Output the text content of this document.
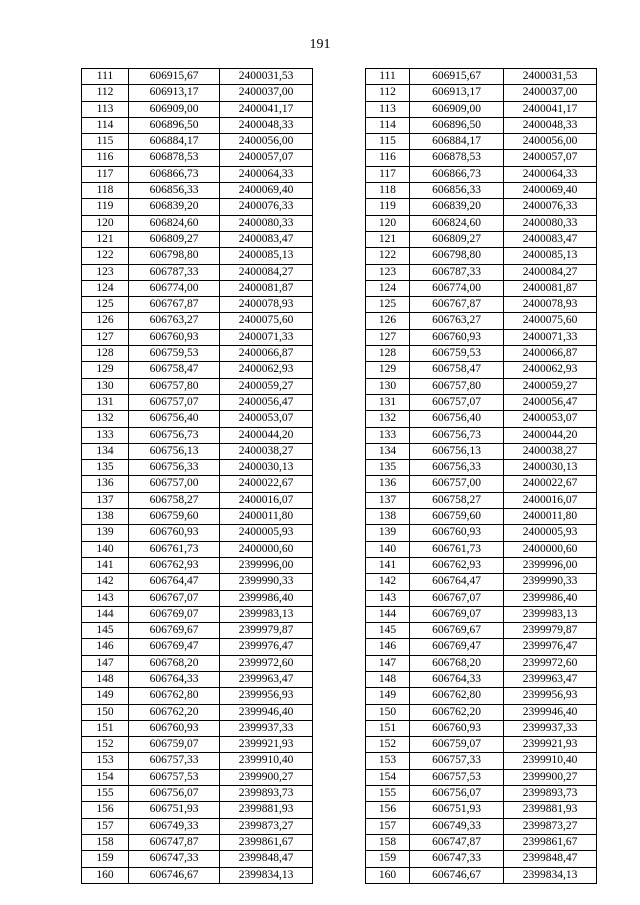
191
111	606915,67	2400031,53		111	606915,67	2400031,53
112	606913,17	2400037,00		112	606913,17	2400037,00
113	606909,00	2400041,17		113	606909,00	2400041,17
114	606896,50	2400048,33		114	606896,50	2400048,33
115	606884,17	2400056,00		115	606884,17	2400056,00
116	606878,53	2400057,07		116	606878,53	2400057,07
117	606866,73	2400064,33		117	606866,73	2400064,33
118	606856,33	2400069,40		118	606856,33	2400069,40
119	606839,20	2400076,33		119	606839,20	2400076,33
120	606824,60	2400080,33		120	606824,60	2400080,33
121	606809,27	2400083,47		121	606809,27	2400083,47
122	606798,80	2400085,13		122	606798,80	2400085,13
123	606787,33	2400084,27		123	606787,33	2400084,27
124	606774,00	2400081,87		124	606774,00	2400081,87
125	606767,87	2400078,93		125	606767,87	2400078,93
126	606763,27	2400075,60		126	606763,27	2400075,60
127	606760,93	2400071,33		127	606760,93	2400071,33
128	606759,53	2400066,87		128	606759,53	2400066,87
129	606758,47	2400062,93		129	606758,47	2400062,93
130	606757,80	2400059,27		130	606757,80	2400059,27
131	606757,07	2400056,47		131	606757,07	2400056,47
132	606756,40	2400053,07		132	606756,40	2400053,07
133	606756,73	2400044,20		133	606756,73	2400044,20
134	606756,13	2400038,27		134	606756,13	2400038,27
135	606756,33	2400030,13		135	606756,33	2400030,13
136	606757,00	2400022,67		136	606757,00	2400022,67
137	606758,27	2400016,07		137	606758,27	2400016,07
138	606759,60	2400011,80		138	606759,60	2400011,80
139	606760,93	2400005,93		139	606760,93	2400005,93
140	606761,73	2400000,60		140	606761,73	2400000,60
141	606762,93	2399996,00		141	606762,93	2399996,00
142	606764,47	2399990,33		142	606764,47	2399990,33
143	606767,07	2399986,40		143	606767,07	2399986,40
144	606769,07	2399983,13		144	606769,07	2399983,13
145	606769,67	2399979,87		145	606769,67	2399979,87
146	606769,47	2399976,47		146	606769,47	2399976,47
147	606768,20	2399972,60		147	606768,20	2399972,60
148	606764,33	2399963,47		148	606764,33	2399963,47
149	606762,80	2399956,93		149	606762,80	2399956,93
150	606762,20	2399946,40		150	606762,20	2399946,40
151	606760,93	2399937,33		151	606760,93	2399937,33
152	606759,07	2399921,93		152	606759,07	2399921,93
153	606757,33	2399910,40		153	606757,33	2399910,40
154	606757,53	2399900,27		154	606757,53	2399900,27
155	606756,07	2399893,73		155	606756,07	2399893,73
156	606751,93	2399881,93		156	606751,93	2399881,93
157	606749,33	2399873,27		157	606749,33	2399873,27
158	606747,87	2399861,67		158	606747,87	2399861,67
159	606747,33	2399848,47		159	606747,33	2399848,47
160	606746,67	2399834,13		160	606746,67	2399834,13
